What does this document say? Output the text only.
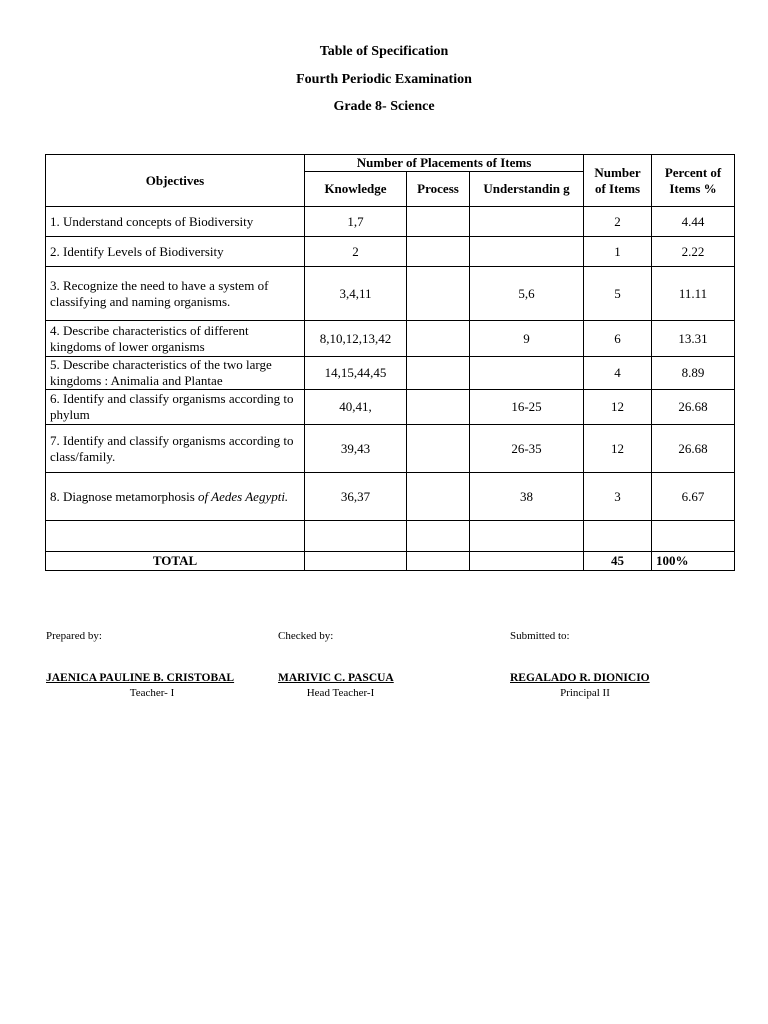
Table of Specification
Fourth Periodic Examination
Grade 8- Science
Objectives	Number of Placements of Items			Number of Items	Percent of Items %
	Knowledge	Process	Understandin g		
1. Understand concepts of Biodiversity	1,7			2	4.44
2. Identify Levels of Biodiversity	2			1	2.22
3. Recognize the need to have a system of classifying and naming organisms.	3,4,11		5,6	5	11.11
4. Describe characteristics of different kingdoms of lower organisms	8,10,12,13,42		9	6	13.31
5. Describe characteristics of the two large kingdoms : Animalia and Plantae	14,15,44,45			4	8.89
6. Identify and classify organisms according to phylum	40,41,		16-25	12	26.68
7. Identify and classify organisms according to class/family.	39,43		26-35	12	26.68
8. Diagnose metamorphosis of Aedes Aegypti.	36,37		38	3	6.67

TOTAL				45	100%
Prepared by:	Checked by:	Submitted to:
JAENICA PAULINE B. CRISTOBAL	MARIVIC C. PASCUA	REGALADO R. DIONICIO
Teacher- I	Head Teacher-I	Principal II
